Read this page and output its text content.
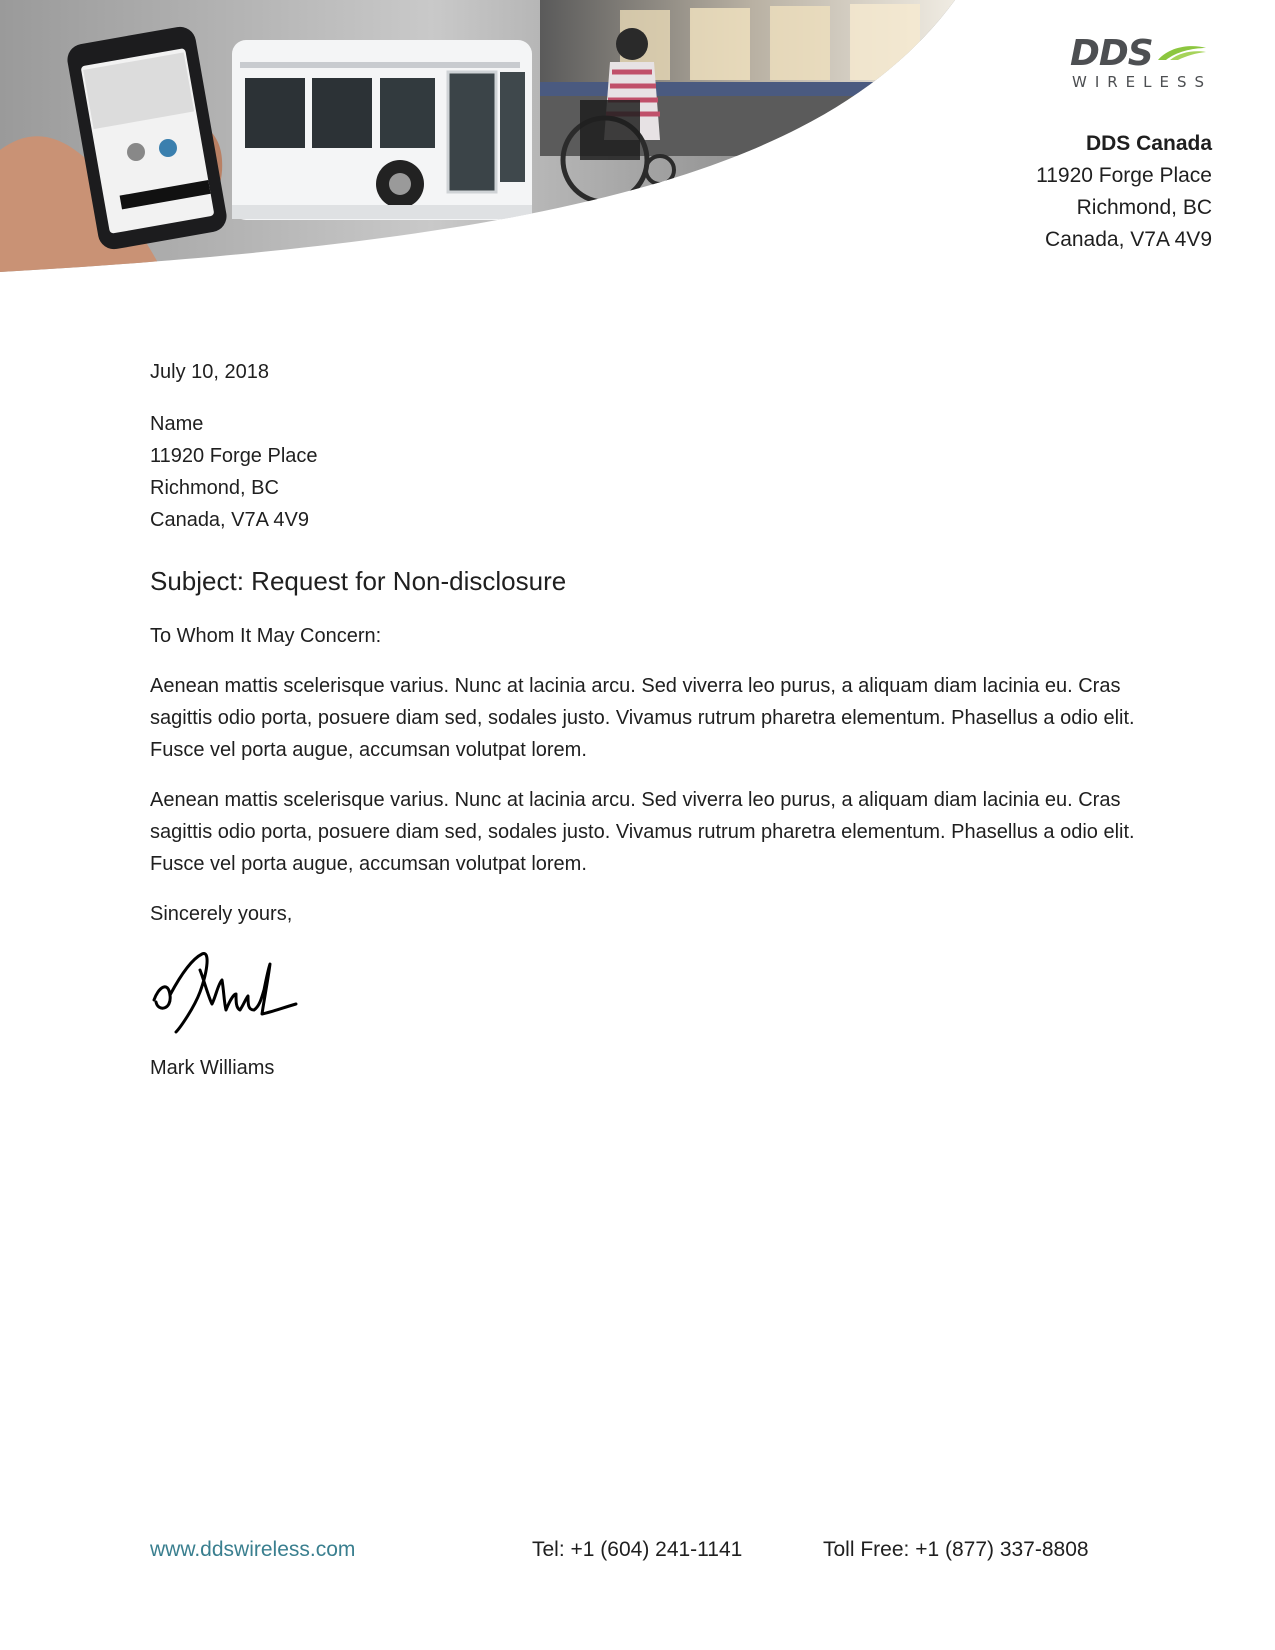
DDS
WIRELESS
DDS Canada
11920 Forge Place
Richmond, BC
Canada, V7A 4V9
July 10, 2018
Name
11920 Forge Place
Richmond, BC
Canada, V7A 4V9
Subject: Request for Non-disclosure
To Whom It May Concern:
Aenean mattis scelerisque varius. Nunc at lacinia arcu. Sed viverra leo purus, a aliquam diam lacinia eu. Cras sagittis odio porta, posuere diam sed, sodales justo. Vivamus rutrum pharetra elementum. Phasellus a odio elit. Fusce vel porta augue, accumsan volutpat lorem.
Aenean mattis scelerisque varius. Nunc at lacinia arcu. Sed viverra leo purus, a aliquam diam lacinia eu. Cras sagittis odio porta, posuere diam sed, sodales justo. Vivamus rutrum pharetra elementum. Phasellus a odio elit. Fusce vel porta augue, accumsan volutpat lorem.
Sincerely yours,
Mark Williams
www.ddswireless.com	Tel: +1 (604) 241-1141	Toll Free: +1 (877) 337-8808
